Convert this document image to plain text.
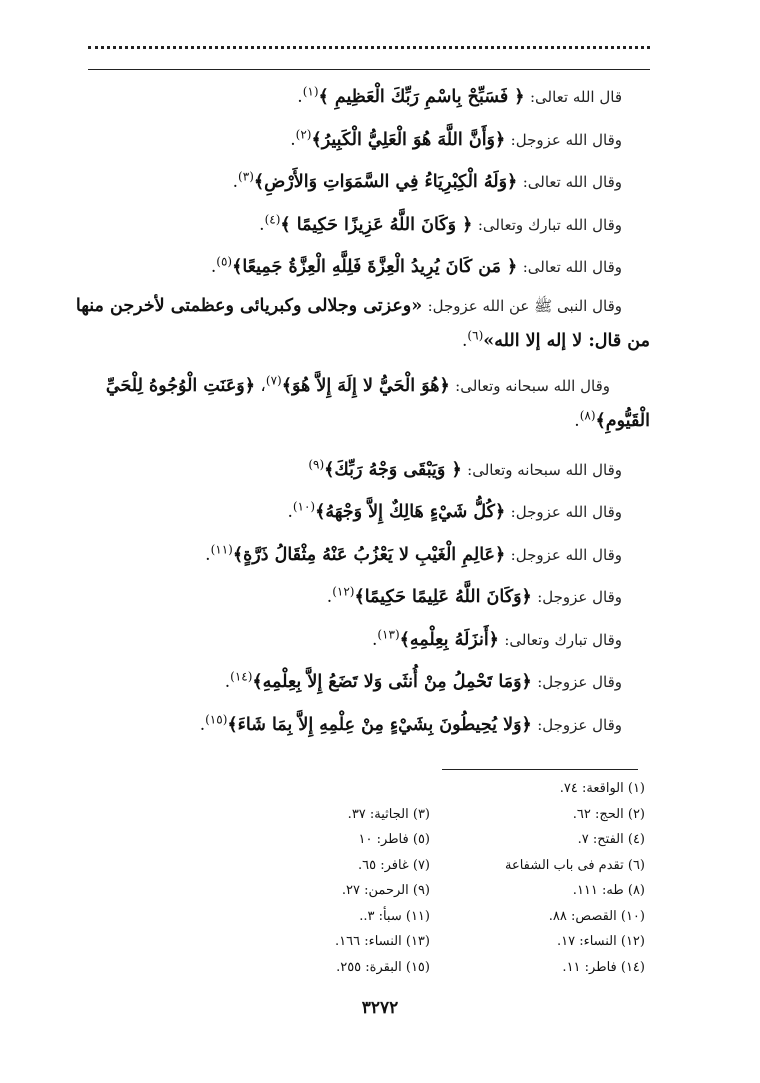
قال الله تعالى: ﴿ فَسَبِّحْ بِاسْمِ رَبِّكَ الْعَظِيمِ ﴾$^{(١)}$.
وقال الله عزوجل: ﴿وَأَنَّ اللَّهَ هُوَ الْعَلِيُّ الْكَبِيرُ﴾$^{(٢)}$.
وقال الله تعالى: ﴿وَلَهُ الْكِبْرِيَاءُ فِي السَّمَوَاتِ وَالأَرْضِ﴾$^{(٣)}$.
وقال الله تبارك وتعالى: ﴿ وَكَانَ اللَّهُ عَزِيزًا حَكِيمًا ﴾$^{(٤)}$.
وقال الله تعالى: ﴿ مَن كَانَ يُرِيدُ الْعِزَّةَ فَلِلَّهِ الْعِزَّةُ جَمِيعًا﴾$^{(٥)}$.
وقال النبى ﷺ عن الله عزوجل: «وعزتى وجلالى وكبريائى وعظمتى لأخرجن منها
من قال: لا إله إلا الله»$^{(٦)}$.
وقال الله سبحانه وتعالى: ﴿هُوَ الْحَيُّ لا إِلَهَ إِلاَّ هُوَ﴾$^{(٧)}$، ﴿وَعَنَتِ الْوُجُوهُ لِلْحَيِّ
الْقَيُّومِ﴾$^{(٨)}$.
وقال الله سبحانه وتعالى: ﴿ وَيَبْقَى وَجْهُ رَبِّكَ﴾$^{(٩)}$
وقال الله عزوجل: ﴿كُلُّ شَيْءٍ هَالِكٌ إِلاَّ وَجْهَهُ﴾$^{(١٠)}$.
وقال الله عزوجل: ﴿عَالِمِ الْغَيْبِ لا يَعْزُبُ عَنْهُ مِثْقَالُ ذَرَّةٍ﴾$^{(١١)}$.
وقال عزوجل: ﴿وَكَانَ اللَّهُ عَلِيمًا حَكِيمًا﴾$^{(١٢)}$.
وقال تبارك وتعالى: ﴿أَنزَلَهُ بِعِلْمِهِ﴾$^{(١٣)}$.
وقال عزوجل: ﴿وَمَا تَحْمِلُ مِنْ أُنثَى وَلا تَضَعُ إِلاَّ بِعِلْمِهِ﴾$^{(١٤)}$.
وقال عزوجل: ﴿وَلا يُحِيطُونَ بِشَيْءٍ مِنْ عِلْمِهِ إِلاَّ بِمَا شَاءَ﴾$^{(١٥)}$.
(١) الواقعة: ٧٤.
(٢) الحج: ٦٢.
(٣) الجاثية: ٣٧.
(٤) الفتح: ٧.
(٥) فاطر: ١٠
(٦) تقدم فى باب الشفاعة
(٧) غافر: ٦٥.
(٨) طه: ١١١.
(٩) الرحمن: ٢٧.
(١٠) القصص: ٨٨.
(١١) سبأ: ٣..
(١٢) النساء: ١٧.
(١٣) النساء: ١٦٦.
(١٤) فاطر: ١١.
(١٥) البقرة: ٢٥٥.
٣٢٧٢
